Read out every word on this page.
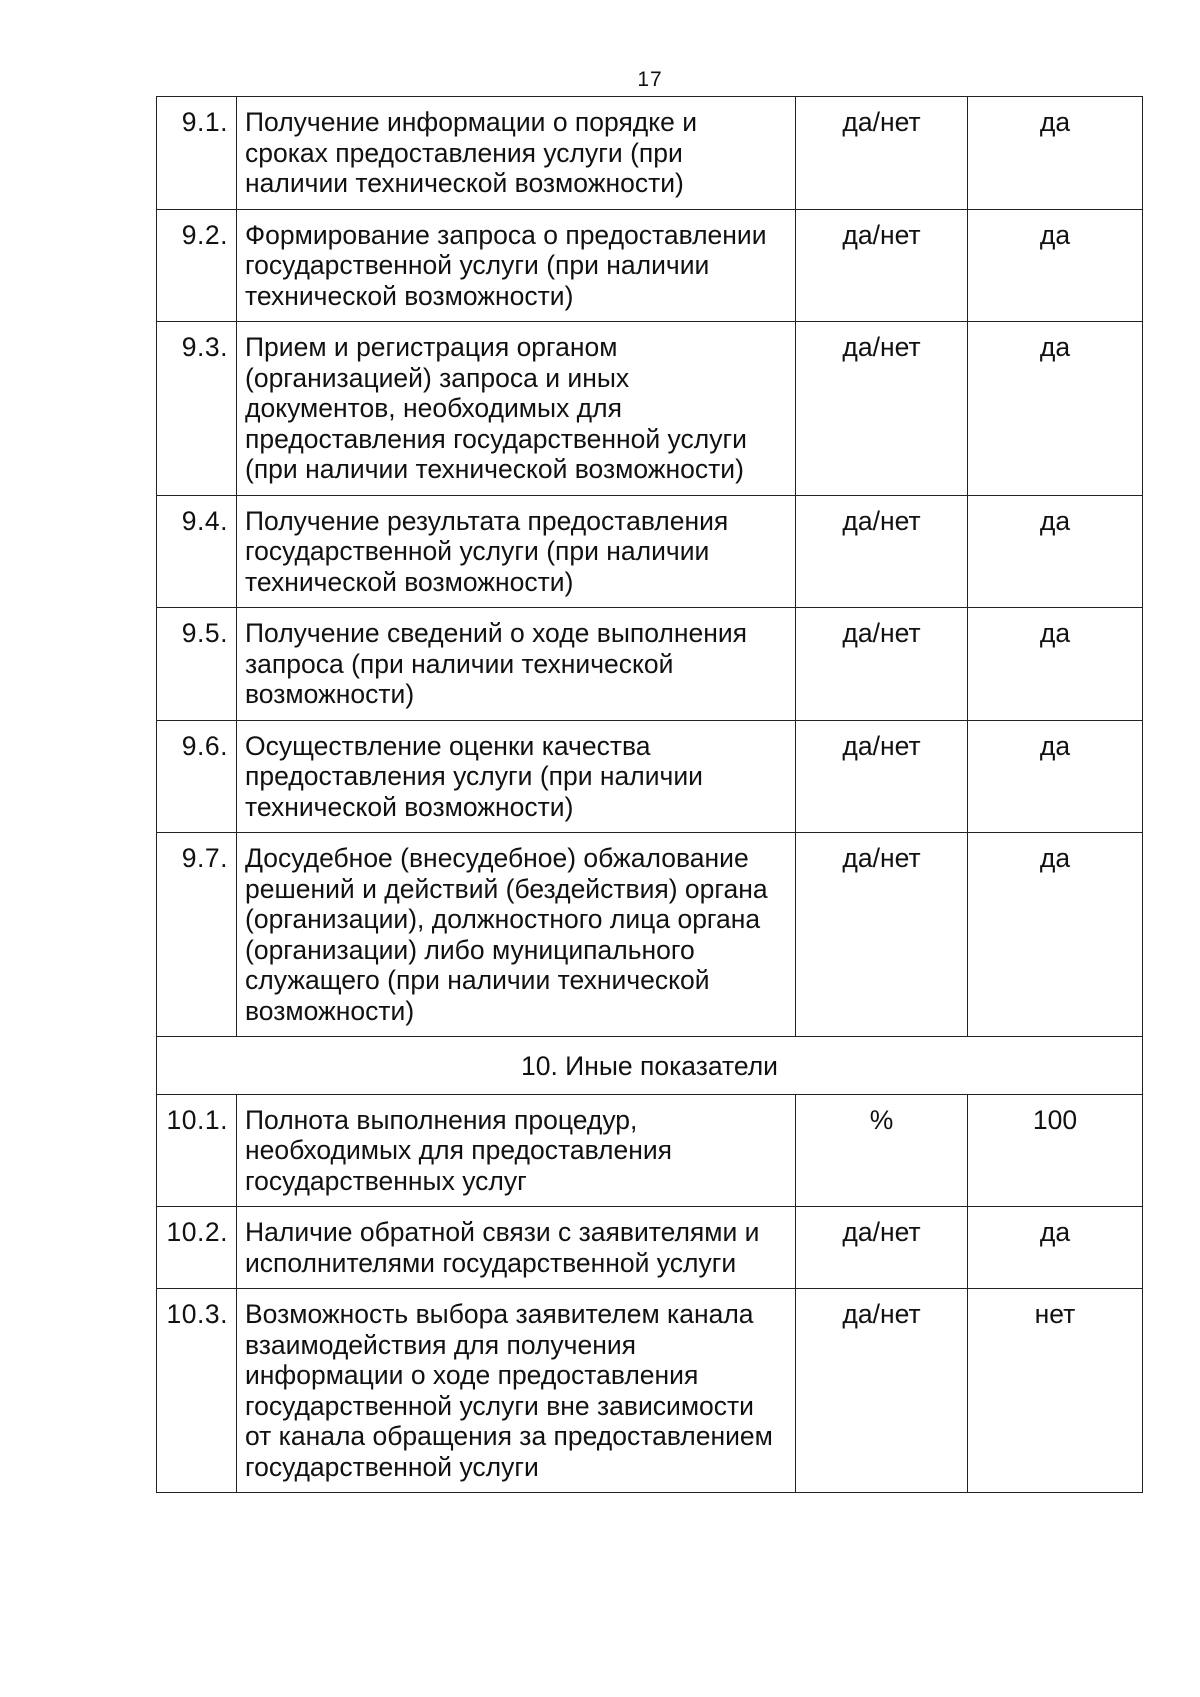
17
9.1.	Получение информации о порядке и сроках предоставления услуги (при наличии технической возможности)	да/нет	да
9.2.	Формирование запроса о предоставлении государственной услуги (при наличии технической возможности)	да/нет	да
9.3.	Прием и регистрация органом (организацией) запроса и иных документов, необходимых для предоставления государственной услуги (при наличии технической возможности)	да/нет	да
9.4.	Получение результата предоставления государственной услуги (при наличии технической возможности)	да/нет	да
9.5.	Получение сведений о ходе выполнения запроса (при наличии технической возможности)	да/нет	да
9.6.	Осуществление оценки качества предоставления услуги (при наличии технической возможности)	да/нет	да
9.7.	Досудебное (внесудебное) обжалование решений и действий (бездействия) органа (организации), должностного лица органа (организации) либо муниципального служащего (при наличии технической возможности)	да/нет	да
10. Иные показатели			
10.1.	Полнота выполнения процедур, необходимых для предоставления государственных услуг	%	100
10.2.	Наличие обратной связи с заявителями и исполнителями государственной услуги	да/нет	да
10.3.	Возможность выбора заявителем канала взаимодействия для получения информации о ходе предоставления государственной услуги вне зависимости от канала обращения за предоставлением государственной услуги	да/нет	нет
